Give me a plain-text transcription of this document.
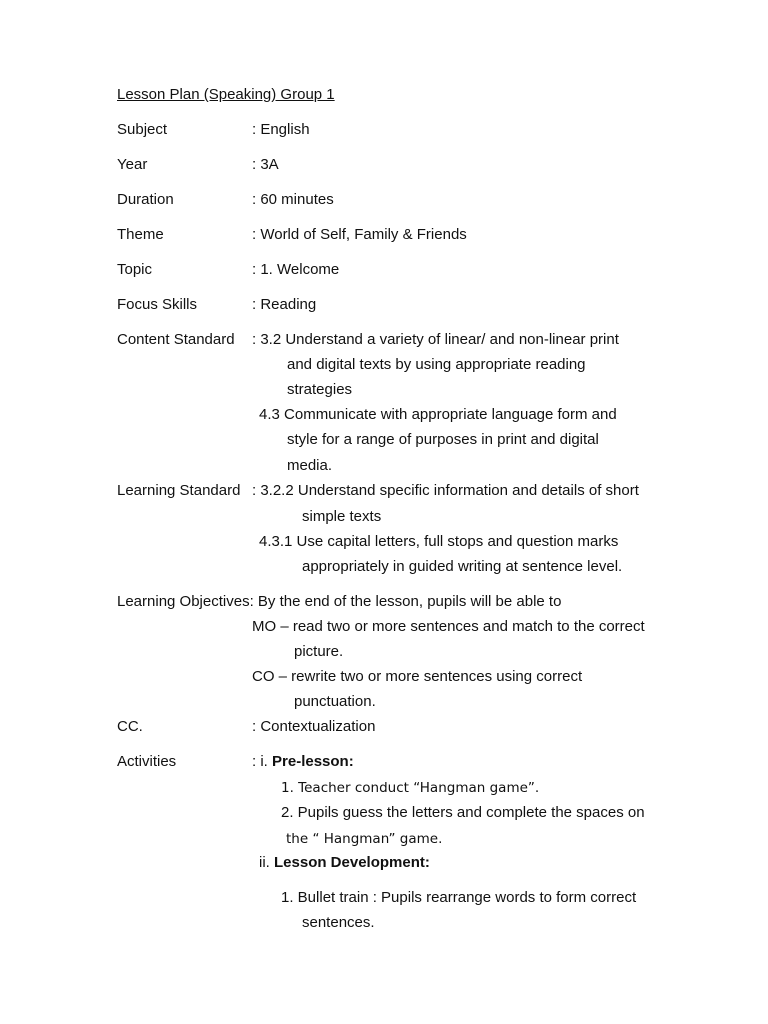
Lesson Plan (Speaking) Group 1
Subject	: English
Year	: 3A
Duration	: 60 minutes
Theme	: World of Self, Family & Friends
Topic	: 1. Welcome
Focus Skills	: Reading
Content Standard : 3.2 Understand a variety of linear/ and non-linear print
and digital texts by using appropriate reading
strategies
4.3 Communicate with appropriate language form and
style for a range of purposes in print and digital
media.
Learning Standard : 3.2.2 Understand specific information and details of short
simple texts
4.3.1 Use capital letters, full stops and question marks
appropriately in guided writing at sentence level.
Learning Objectives: By the end of the lesson, pupils will be able to
MO – read two or more sentences and match to the correct
picture.
CO – rewrite two or more sentences using correct
punctuation.
CC.	: Contextualization
Activities	: i. Pre-lesson:
1. Teacher conduct “Hangman game”.
2. Pupils guess the letters and complete the spaces on
the “ Hangman” game.
ii. Lesson Development:
1. Bullet train : Pupils rearrange words to form correct
sentences.
